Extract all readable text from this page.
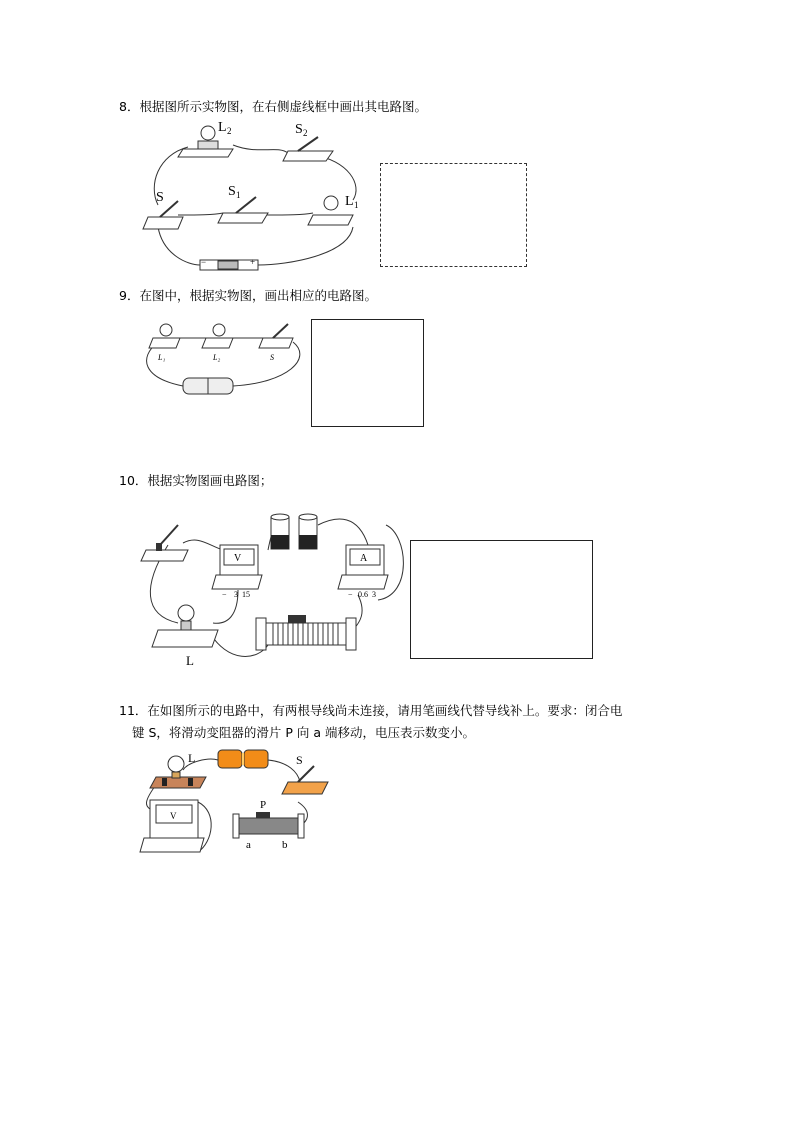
8．根据图所示实物图，在右侧虚线框中画出其电路图。
L 2	S 2
S	S 1	L 1
−	+
9．在图中，根据实物图，画出相应的电路图。
L₁	L₂	S
10．根据实物图画电路图；
V
− 3 15
A
− 0.6 3
L
11．在如图所示的电路中，有两根导线尚未连接，请用笔画线代替导线补上。要求：闭合电
键 S，将滑动变阻器的滑片 P 向 a 端移动，电压表示数变小。
L	S
V
P
a	b
